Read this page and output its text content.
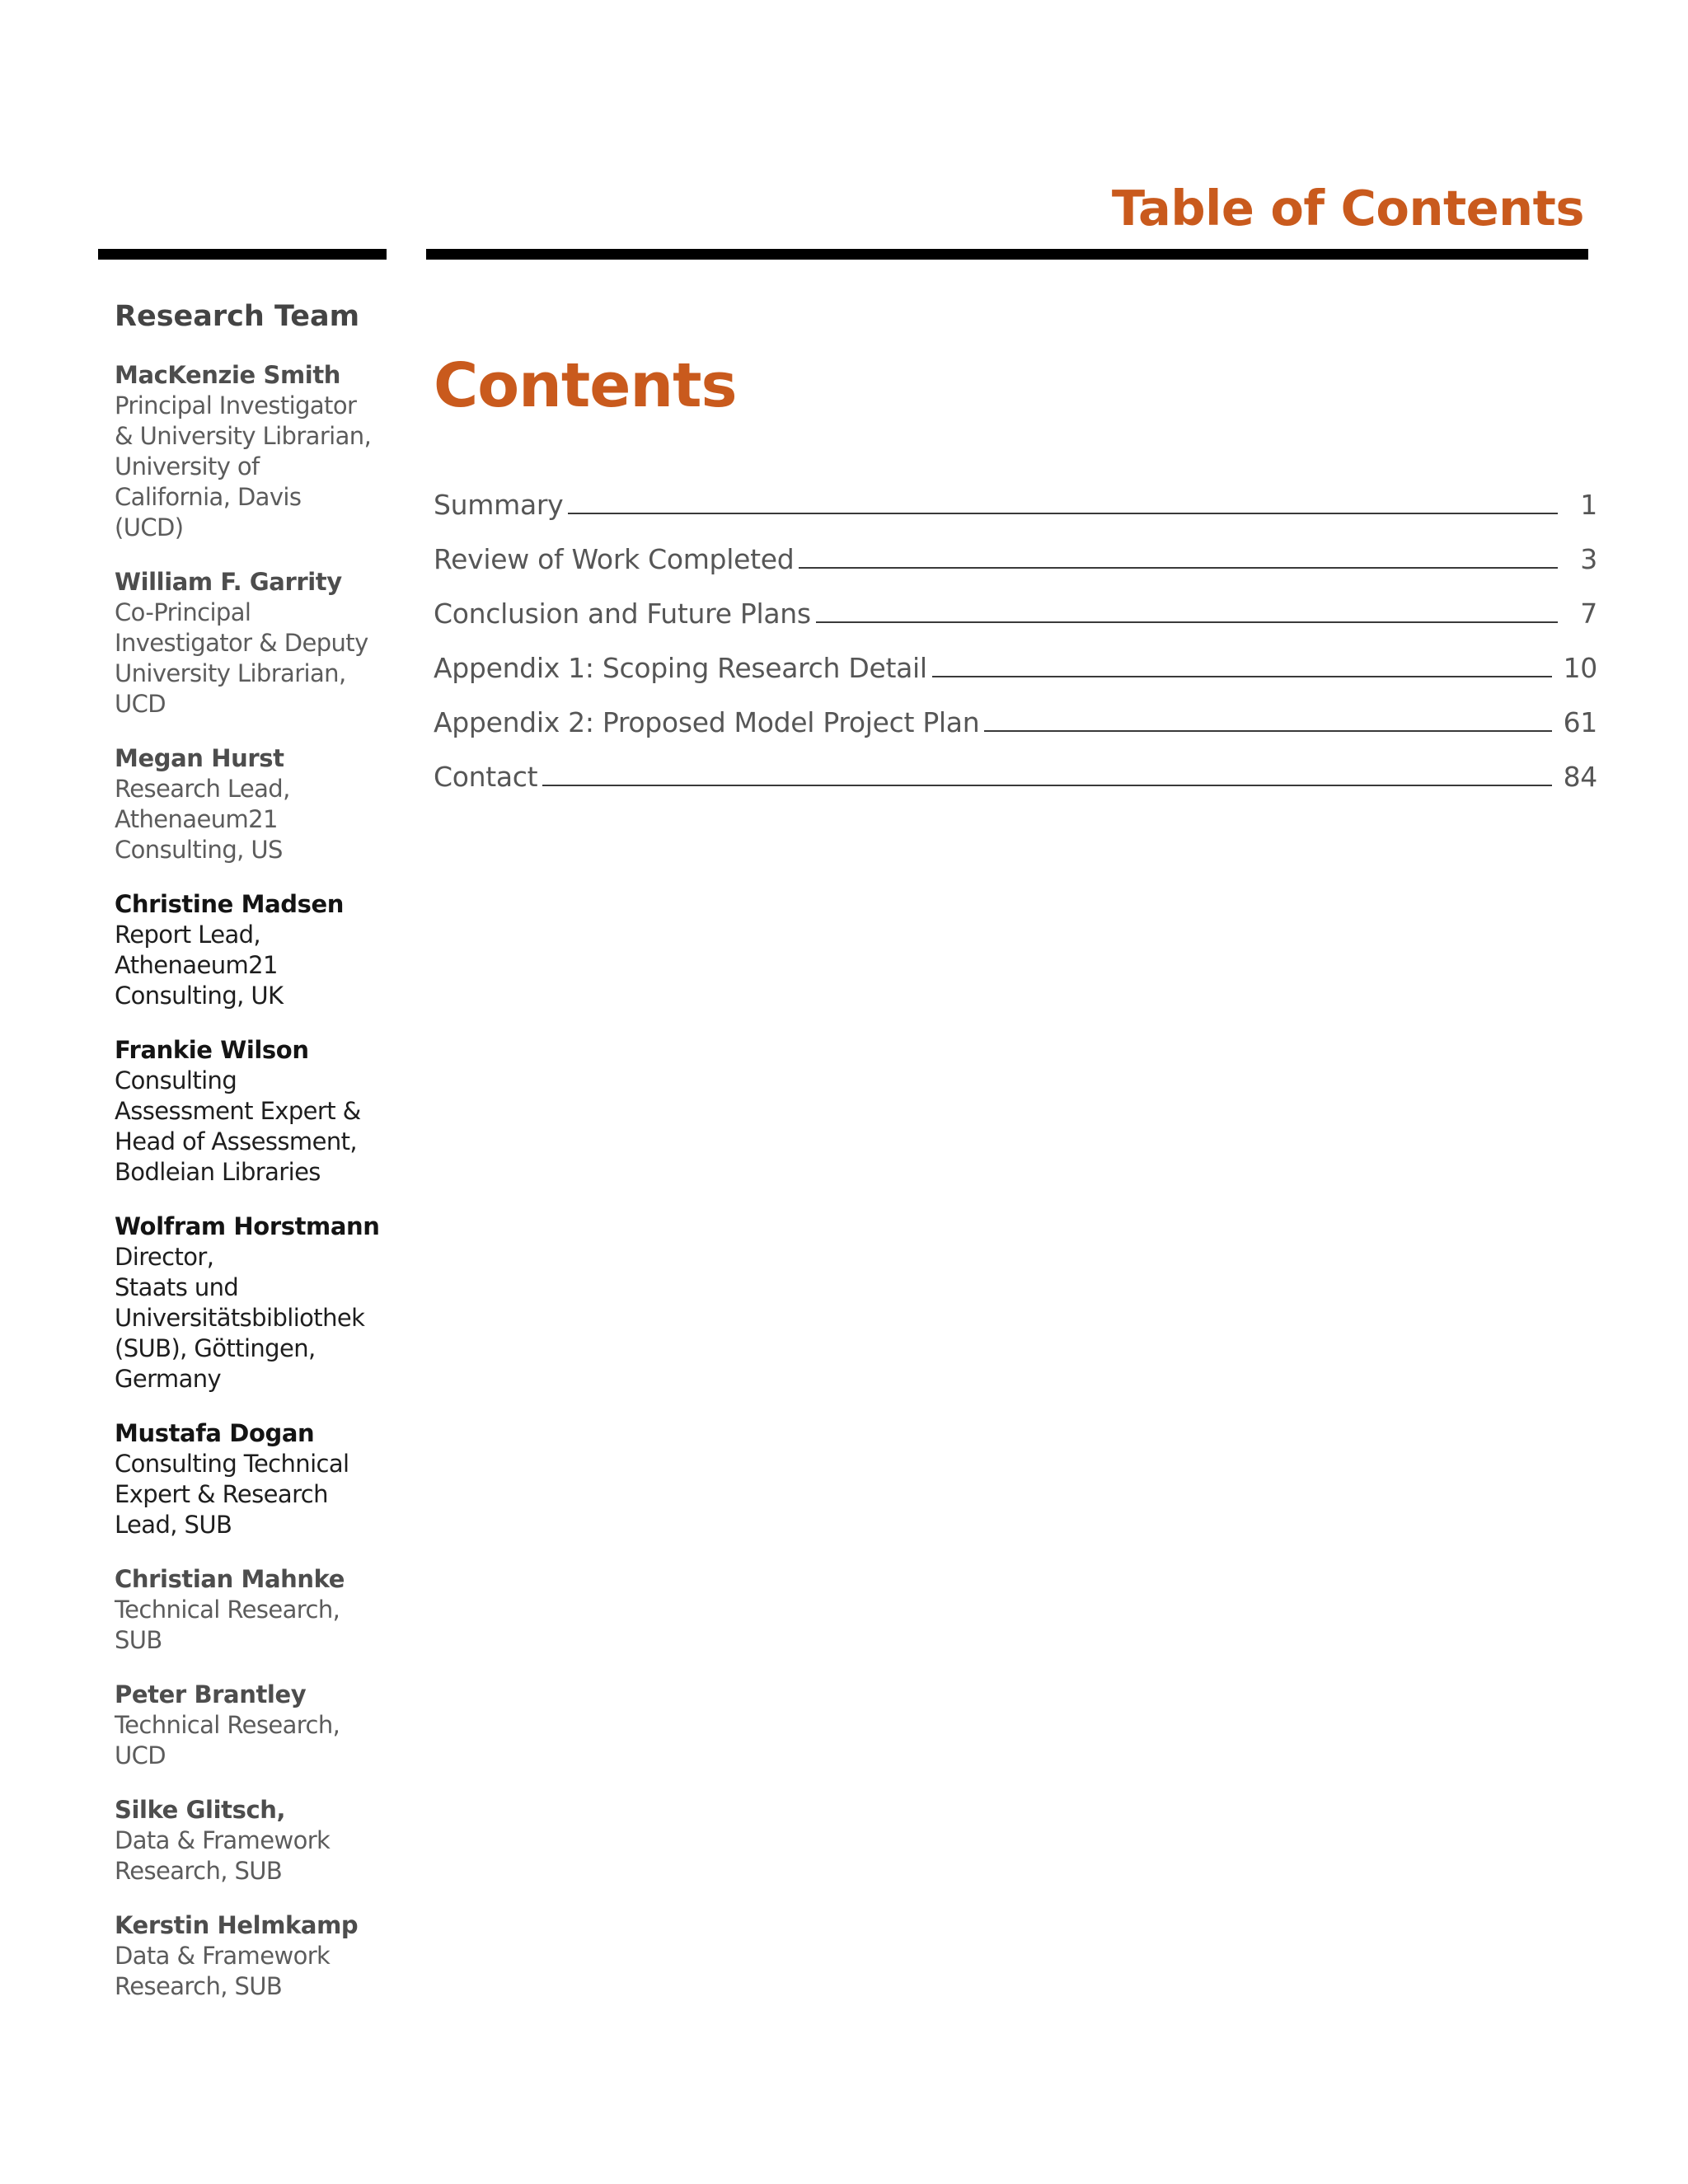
Table of Contents
Research Team
MacKenzie Smith
Principal Investigator
& University Librarian,
University of
California, Davis
(UCD)
William F. Garrity
Co-Principal
Investigator & Deputy
University Librarian,
UCD
Megan Hurst
Research Lead,
Athenaeum21
Consulting, US
Christine Madsen
Report Lead,
Athenaeum21
Consulting, UK
Frankie Wilson
Consulting
Assessment Expert &
Head of Assessment,
Bodleian Libraries
Wolfram Horstmann
Director,
Staats und
Universitätsbibliothek
(SUB), Göttingen,
Germany
Mustafa Dogan
Consulting Technical
Expert & Research
Lead, SUB
Christian Mahnke
Technical Research,
SUB
Peter Brantley
Technical Research,
UCD
Silke Glitsch,
Data & Framework
Research, SUB
Kerstin Helmkamp
Data & Framework
Research, SUB
Contents
Summary	1
Review of Work Completed	3
Conclusion and Future Plans	7
Appendix 1: Scoping Research Detail	10
Appendix 2: Proposed Model Project Plan	61
Contact	84
